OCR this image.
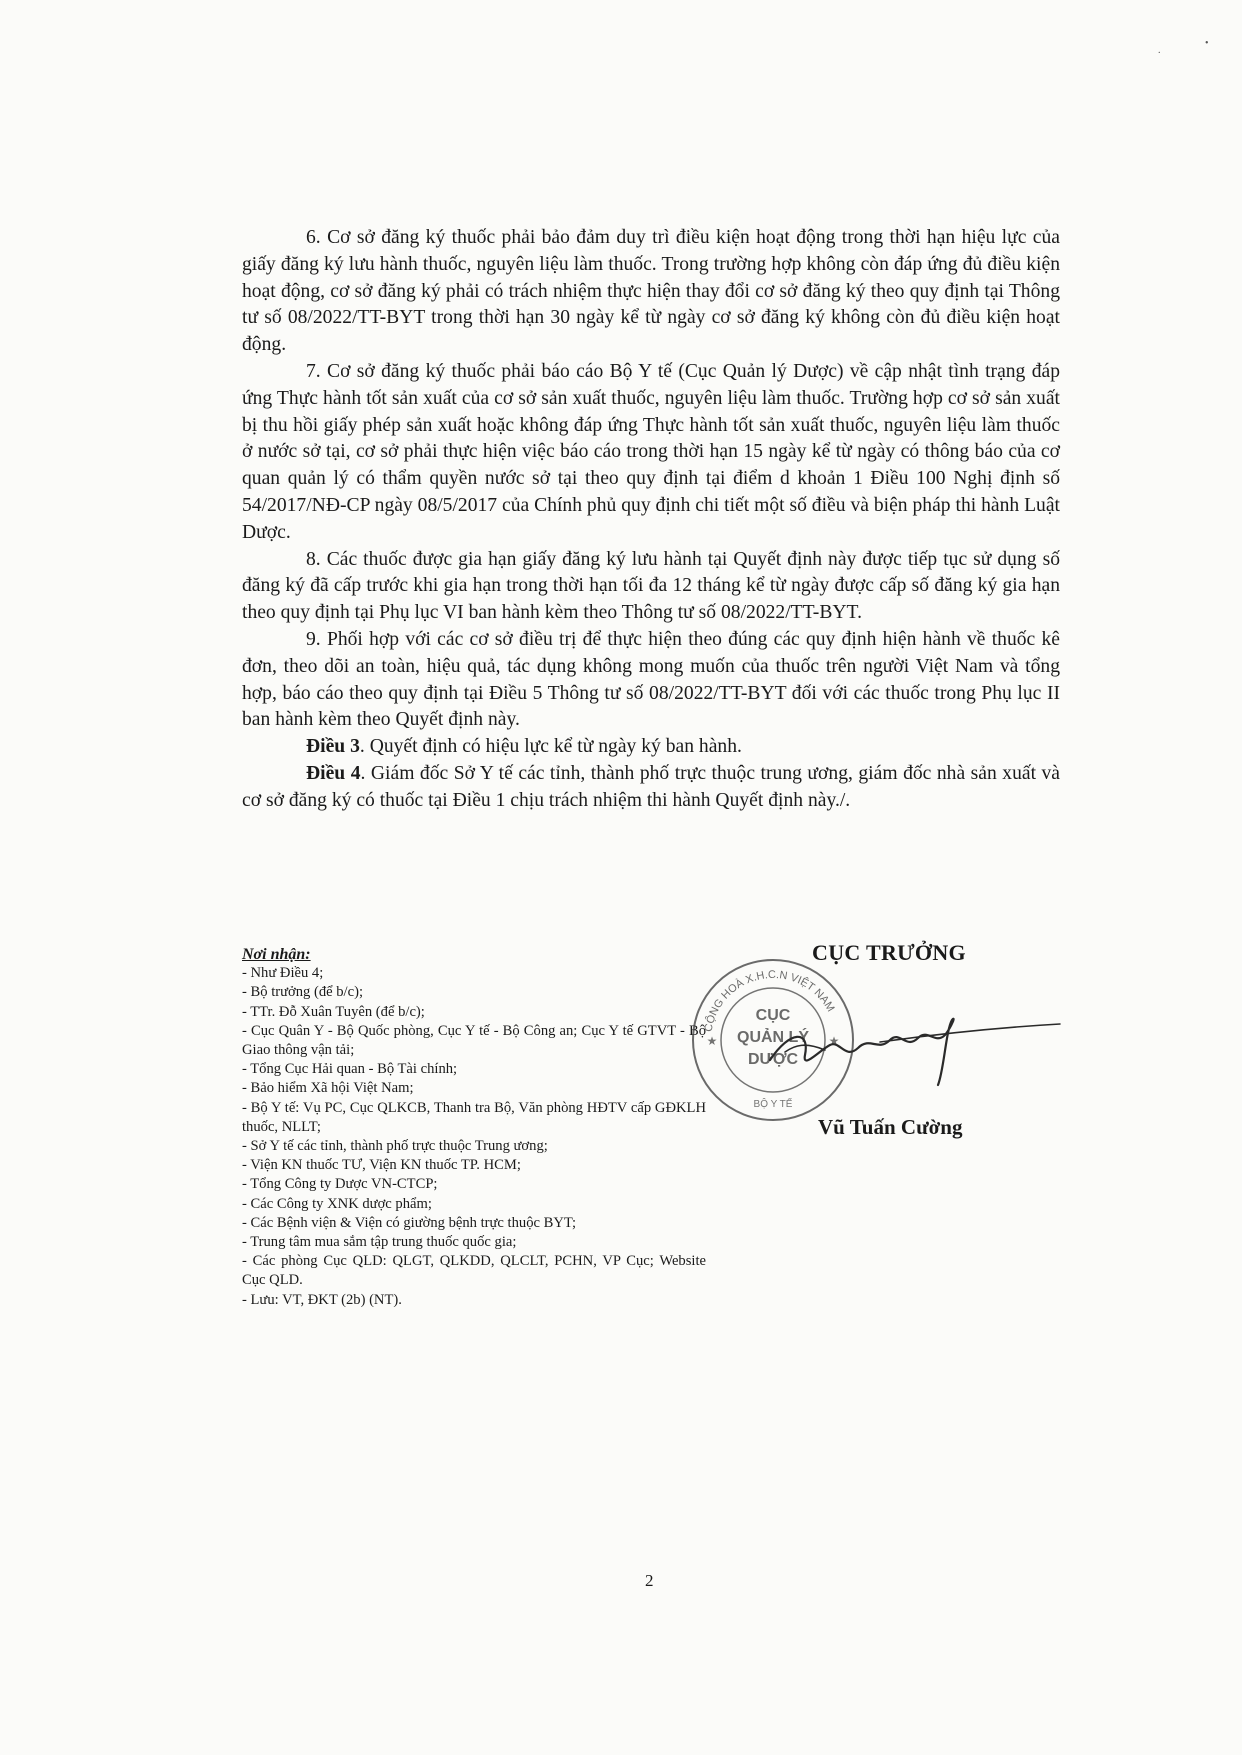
.
•

6. Cơ sở đăng ký thuốc phải bảo đảm duy trì điều kiện hoạt động trong thời hạn hiệu lực của giấy đăng ký lưu hành thuốc, nguyên liệu làm thuốc. Trong trường hợp không còn đáp ứng đủ điều kiện hoạt động, cơ sở đăng ký phải có trách nhiệm thực hiện thay đổi cơ sở đăng ký theo quy định tại Thông tư số 08/2022/TT-BYT trong thời hạn 30 ngày kể từ ngày cơ sở đăng ký không còn đủ điều kiện hoạt động.

7. Cơ sở đăng ký thuốc phải báo cáo Bộ Y tế (Cục Quản lý Dược) về cập nhật tình trạng đáp ứng Thực hành tốt sản xuất của cơ sở sản xuất thuốc, nguyên liệu làm thuốc. Trường hợp cơ sở sản xuất bị thu hồi giấy phép sản xuất hoặc không đáp ứng Thực hành tốt sản xuất thuốc, nguyên liệu làm thuốc ở nước sở tại, cơ sở phải thực hiện việc báo cáo trong thời hạn 15 ngày kể từ ngày có thông báo của cơ quan quản lý có thẩm quyền nước sở tại theo quy định tại điểm d khoản 1 Điều 100 Nghị định số 54/2017/NĐ-CP ngày 08/5/2017 của Chính phủ quy định chi tiết một số điều và biện pháp thi hành Luật Dược.

8. Các thuốc được gia hạn giấy đăng ký lưu hành tại Quyết định này được tiếp tục sử dụng số đăng ký đã cấp trước khi gia hạn trong thời hạn tối đa 12 tháng kể từ ngày được cấp số đăng ký gia hạn theo quy định tại Phụ lục VI ban hành kèm theo Thông tư số 08/2022/TT-BYT.

9. Phối hợp với các cơ sở điều trị để thực hiện theo đúng các quy định hiện hành về thuốc kê đơn, theo dõi an toàn, hiệu quả, tác dụng không mong muốn của thuốc trên người Việt Nam và tổng hợp, báo cáo theo quy định tại Điều 5 Thông tư số 08/2022/TT-BYT đối với các thuốc trong Phụ lục II ban hành kèm theo Quyết định này.

Điều 3. Quyết định có hiệu lực kể từ ngày ký ban hành.

Điều 4. Giám đốc Sở Y tế các tỉnh, thành phố trực thuộc trung ương, giám đốc nhà sản xuất và cơ sở đăng ký có thuốc tại Điều 1 chịu trách nhiệm thi hành Quyết định này./.

Nơi nhận:
- Như Điều 4;
- Bộ trưởng (để b/c);
- TTr. Đỗ Xuân Tuyên (để b/c);
- Cục Quân Y - Bộ Quốc phòng, Cục Y tế - Bộ Công an; Cục Y tế GTVT - Bộ Giao thông vận tải;
- Tổng Cục Hải quan - Bộ Tài chính;
- Bảo hiểm Xã hội Việt Nam;
- Bộ Y tế: Vụ PC, Cục QLKCB, Thanh tra Bộ, Văn phòng HĐTV cấp GĐKLH thuốc, NLLT;
- Sở Y tế các tỉnh, thành phố trực thuộc Trung ương;
- Viện KN thuốc TƯ, Viện KN thuốc TP. HCM;
- Tổng Công ty Dược VN-CTCP;
- Các Công ty XNK dược phẩm;
- Các Bệnh viện & Viện có giường bệnh trực thuộc BYT;
- Trung tâm mua sắm tập trung thuốc quốc gia;
- Các phòng Cục QLD: QLGT, QLKDD, QLCLT, PCHN, VP Cục; Website Cục QLD.
- Lưu: VT, ĐKT (2b) (NT).
CỤC TRƯỞNG
CỘNG HOÀ X.H.C.N VIỆT NAM
CỤC
QUẢN LÝ
DƯỢC
BỘ Y TẾ
★	★
Vũ Tuấn Cường
2
